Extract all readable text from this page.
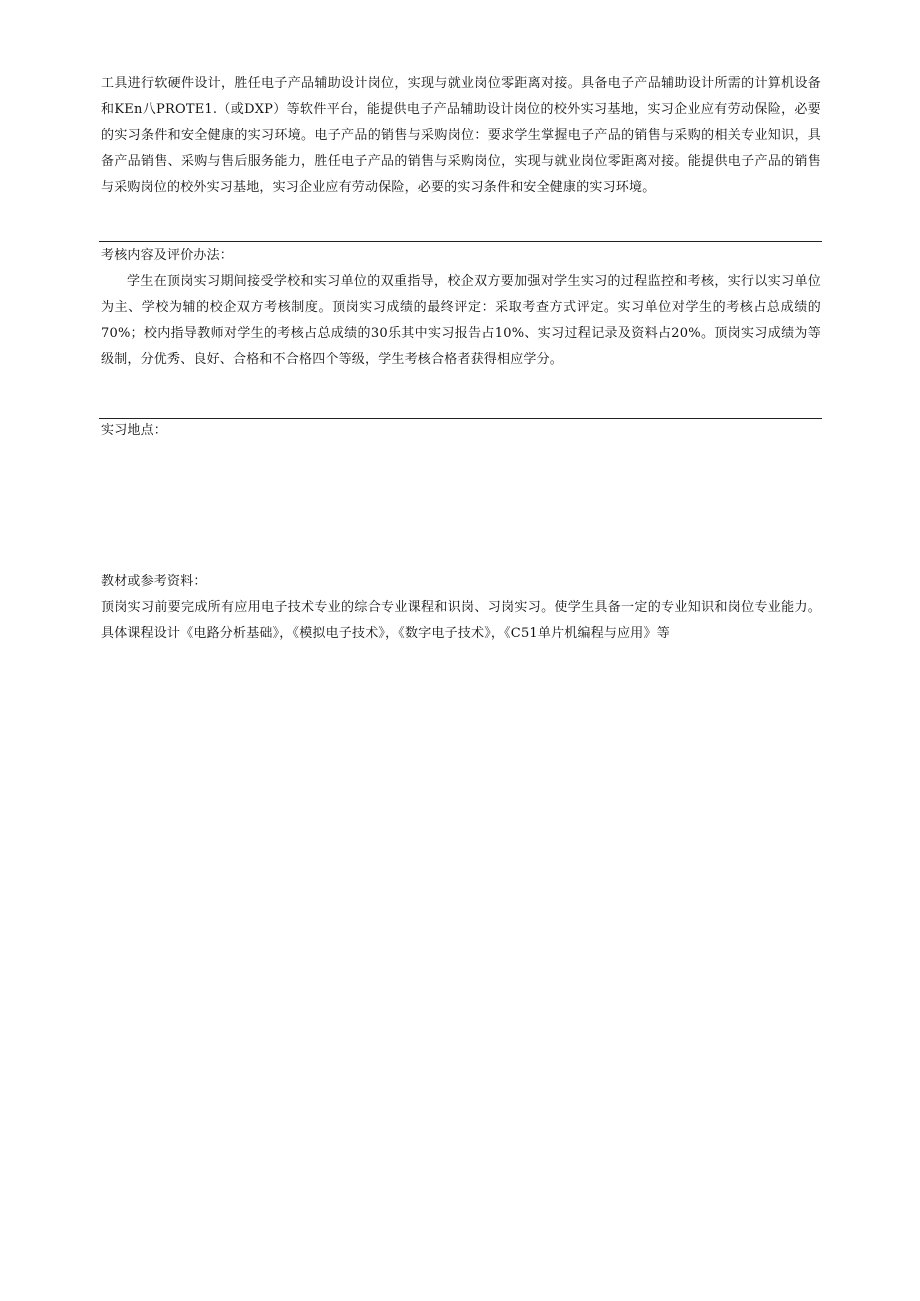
工具进行软硬件设计，胜任电子产品辅助设计岗位，实现与就业岗位零距离对接。具备电子产品辅助设计所需的计算机设备和KEn八PROTE1.（或DXP）等软件平台，能提供电子产品辅助设计岗位的校外实习基地，实习企业应有劳动保险，必要的实习条件和安全健康的实习环境。电子产品的销售与采购岗位：要求学生掌握电子产品的销售与采购的相关专业知识，具备产品销售、采购与售后服务能力，胜任电子产品的销售与采购岗位，实现与就业岗位零距离对接。能提供电子产品的销售与采购岗位的校外实习基地，实习企业应有劳动保险，必要的实习条件和安全健康的实习环境。

考核内容及评价办法：

学生在顶岗实习期间接受学校和实习单位的双重指导，校企双方要加强对学生实习的过程监控和考核，实行以实习单位为主、学校为辅的校企双方考核制度。顶岗实习成绩的最终评定：采取考查方式评定。实习单位对学生的考核占总成绩的70%；校内指导教师对学生的考核占总成绩的30乐其中实习报告占10%、实习过程记录及资料占20%。顶岗实习成绩为等级制，分优秀、良好、合格和不合格四个等级，学生考核合格者获得相应学分。

实习地点：

教材或参考资料：

顶岗实习前要完成所有应用电子技术专业的综合专业课程和识岗、习岗实习。使学生具备一定的专业知识和岗位专业能力。具体课程设计《电路分析基础》，《模拟电子技术》，《数字电子技术》，《C51单片机编程与应用》等
